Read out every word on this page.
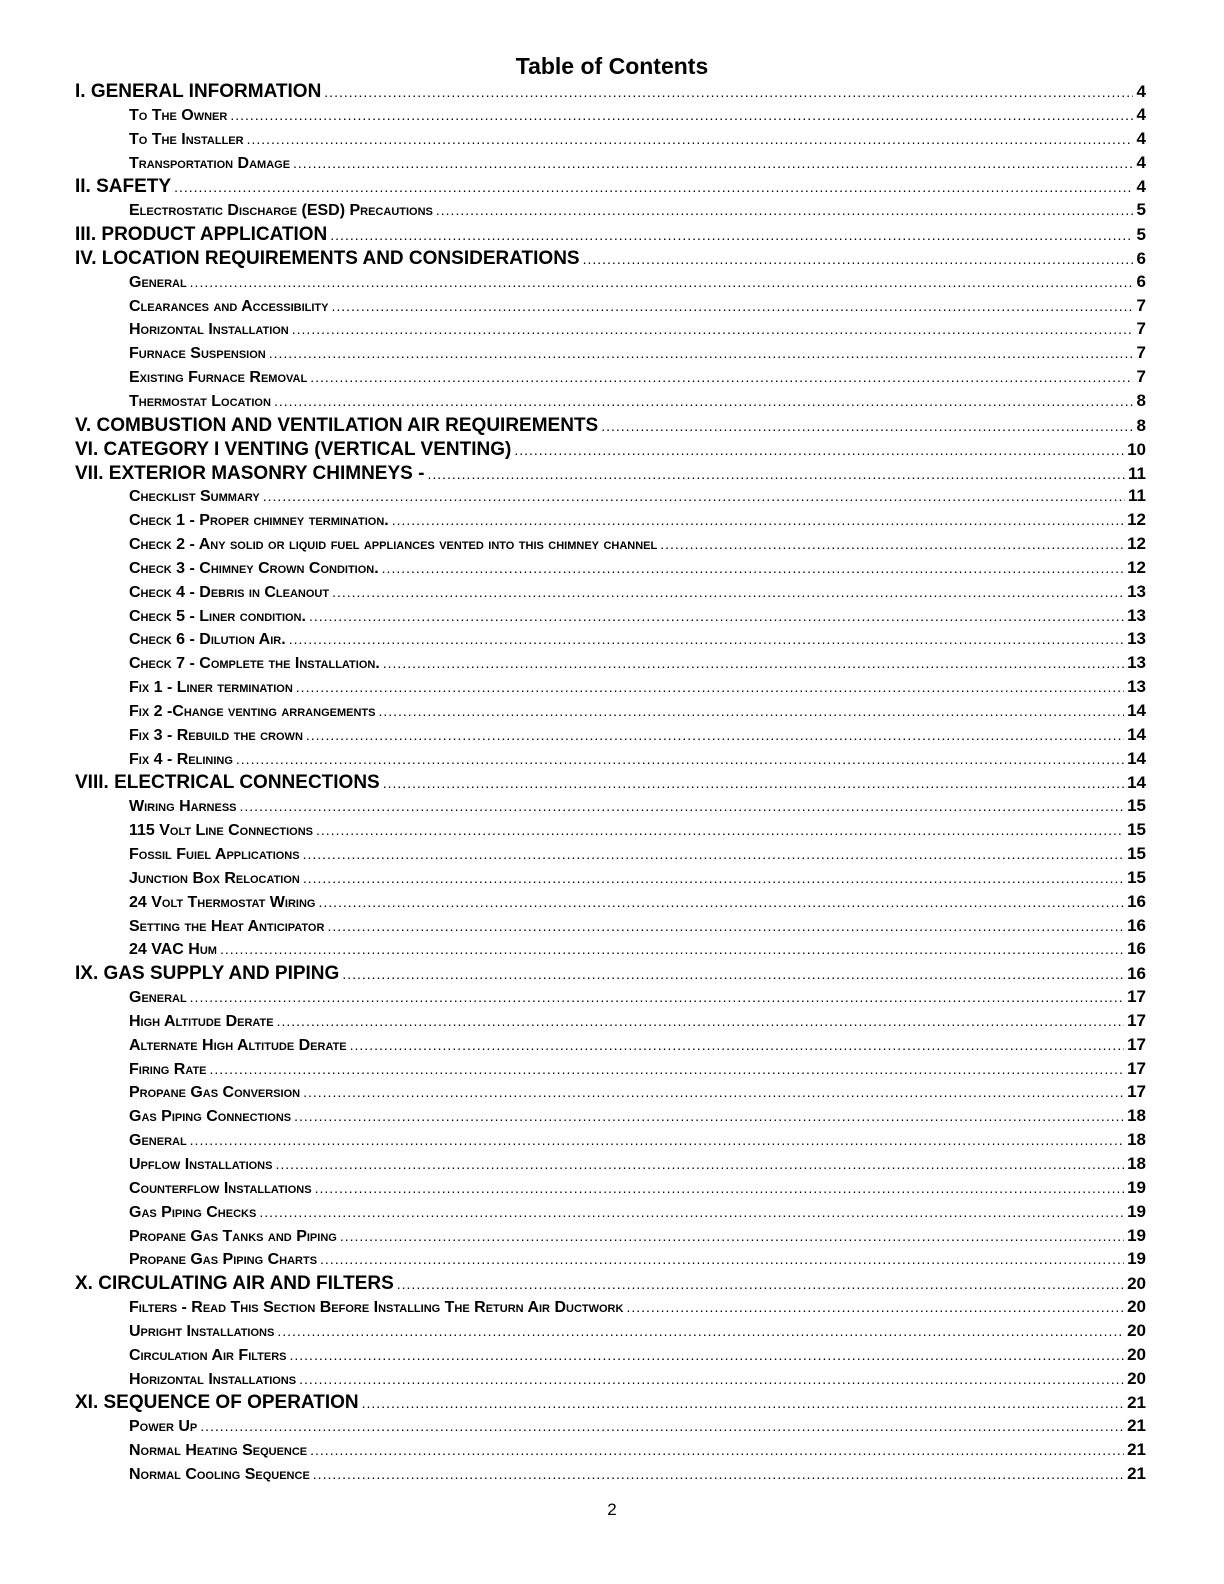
Table of Contents
I. GENERAL INFORMATION .....	4
To The Owner .....	4
To The Installer .....	4
Transportation Damage .....	4
II. SAFETY .....	4
Electrostatic Discharge (ESD) Precautions .....	5
III. PRODUCT APPLICATION .....	5
IV. LOCATION REQUIREMENTS AND CONSIDERATIONS .....	6
General .....	6
Clearances and Accessibility .....	7
Horizontal Installation .....	7
Furnace Suspension .....	7
Existing Furnace Removal .....	7
Thermostat Location .....	8
V. COMBUSTION AND VENTILATION AIR REQUIREMENTS .....	8
VI. CATEGORY I VENTING (VERTICAL VENTING) .....	10
VII. EXTERIOR MASONRY CHIMNEYS - .....	11
Checklist Summary .....	11
Check 1 - Proper chimney termination. .....	12
Check 2 - Any solid or liquid fuel appliances vented into this chimney channel .....	12
Check 3 - Chimney Crown Condition. .....	12
Check 4 - Debris in Cleanout .....	13
Check 5 - Liner condition. .....	13
Check 6 - Dilution Air. .....	13
Check 7 - Complete the Installation. .....	13
Fix 1 - Liner termination .....	13
Fix 2 -Change venting arrangements .....	14
Fix 3 - Rebuild the crown .....	14
Fix 4 - Relining .....	14
VIII. ELECTRICAL CONNECTIONS .....	14
Wiring Harness .....	15
115 Volt Line Connections .....	15
Fossil Fuiel Applications .....	15
Junction Box Relocation .....	15
24 Volt Thermostat Wiring .....	16
Setting the Heat Anticipator .....	16
24 VAC Hum .....	16
IX. GAS SUPPLY AND PIPING .....	16
General .....	17
High Altitude Derate .....	17
Alternate High Altitude Derate .....	17
Firing Rate .....	17
Propane Gas Conversion .....	17
Gas Piping Connections .....	18
General .....	18
Upflow Installations .....	18
Counterflow Installations .....	19
Gas Piping Checks .....	19
Propane Gas Tanks and Piping .....	19
Propane Gas Piping Charts .....	19
X. CIRCULATING AIR AND FILTERS .....	20
Filters - Read This Section Before Installing The Return Air Ductwork .....	20
Upright Installations .....	20
Circulation Air Filters .....	20
Horizontal Installations .....	20
XI. SEQUENCE OF OPERATION .....	21
Power Up .....	21
Normal Heating Sequence .....	21
Normal Cooling Sequence .....	21
2
